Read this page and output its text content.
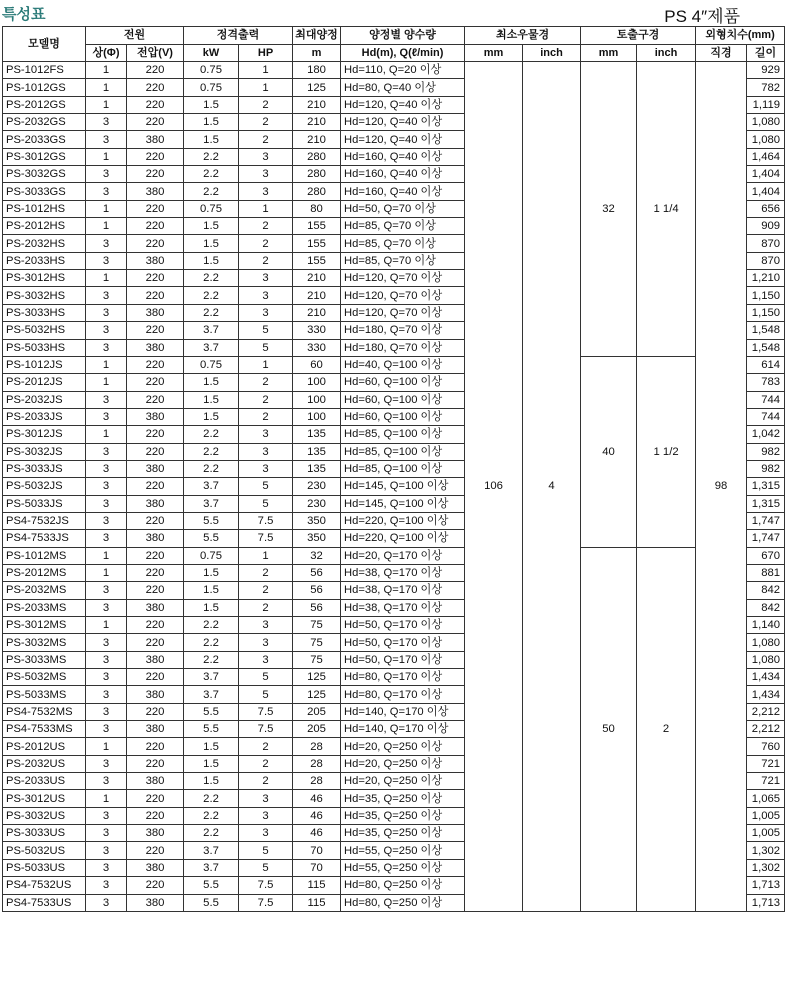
특성표	PS 4″제품
모델명	전원		정격출력		최대양정	양정별 양수량	최소우물경		토출구경		외형치수(mm)	
	상(Φ)	전압(V)	kW	HP	m	Hd(m), Q(ℓ/min)	mm	inch	mm	inch	직경	길이
PS-1012FS	1	220	0.75	1	180	Hd=110, Q=20 이상	106	4	32	1 1/4	98	929
PS-1012GS	1	220	0.75	1	125	Hd=80, Q=40 이상						782
PS-2012GS	1	220	1.5	2	210	Hd=120, Q=40 이상						1,119
PS-2032GS	3	220	1.5	2	210	Hd=120, Q=40 이상						1,080
PS-2033GS	3	380	1.5	2	210	Hd=120, Q=40 이상						1,080
PS-3012GS	1	220	2.2	3	280	Hd=160, Q=40 이상						1,464
PS-3032GS	3	220	2.2	3	280	Hd=160, Q=40 이상						1,404
PS-3033GS	3	380	2.2	3	280	Hd=160, Q=40 이상						1,404
PS-1012HS	1	220	0.75	1	80	Hd=50, Q=70 이상						656
PS-2012HS	1	220	1.5	2	155	Hd=85, Q=70 이상						909
PS-2032HS	3	220	1.5	2	155	Hd=85, Q=70 이상						870
PS-2033HS	3	380	1.5	2	155	Hd=85, Q=70 이상						870
PS-3012HS	1	220	2.2	3	210	Hd=120, Q=70 이상						1,210
PS-3032HS	3	220	2.2	3	210	Hd=120, Q=70 이상						1,150
PS-3033HS	3	380	2.2	3	210	Hd=120, Q=70 이상						1,150
PS-5032HS	3	220	3.7	5	330	Hd=180, Q=70 이상						1,548
PS-5033HS	3	380	3.7	5	330	Hd=180, Q=70 이상						1,548
PS-1012JS	1	220	0.75	1	60	Hd=40, Q=100 이상			40	1 1/2		614
PS-2012JS	1	220	1.5	2	100	Hd=60, Q=100 이상						783
PS-2032JS	3	220	1.5	2	100	Hd=60, Q=100 이상						744
PS-2033JS	3	380	1.5	2	100	Hd=60, Q=100 이상						744
PS-3012JS	1	220	2.2	3	135	Hd=85, Q=100 이상						1,042
PS-3032JS	3	220	2.2	3	135	Hd=85, Q=100 이상						982
PS-3033JS	3	380	2.2	3	135	Hd=85, Q=100 이상						982
PS-5032JS	3	220	3.7	5	230	Hd=145, Q=100 이상						1,315
PS-5033JS	3	380	3.7	5	230	Hd=145, Q=100 이상						1,315
PS4-7532JS	3	220	5.5	7.5	350	Hd=220, Q=100 이상						1,747
PS4-7533JS	3	380	5.5	7.5	350	Hd=220, Q=100 이상						1,747
PS-1012MS	1	220	0.75	1	32	Hd=20, Q=170 이상			50	2		670
PS-2012MS	1	220	1.5	2	56	Hd=38, Q=170 이상						881
PS-2032MS	3	220	1.5	2	56	Hd=38, Q=170 이상						842
PS-2033MS	3	380	1.5	2	56	Hd=38, Q=170 이상						842
PS-3012MS	1	220	2.2	3	75	Hd=50, Q=170 이상						1,140
PS-3032MS	3	220	2.2	3	75	Hd=50, Q=170 이상						1,080
PS-3033MS	3	380	2.2	3	75	Hd=50, Q=170 이상						1,080
PS-5032MS	3	220	3.7	5	125	Hd=80, Q=170 이상						1,434
PS-5033MS	3	380	3.7	5	125	Hd=80, Q=170 이상						1,434
PS4-7532MS	3	220	5.5	7.5	205	Hd=140, Q=170 이상						2,212
PS4-7533MS	3	380	5.5	7.5	205	Hd=140, Q=170 이상						2,212
PS-2012US	1	220	1.5	2	28	Hd=20, Q=250 이상						760
PS-2032US	3	220	1.5	2	28	Hd=20, Q=250 이상						721
PS-2033US	3	380	1.5	2	28	Hd=20, Q=250 이상						721
PS-3012US	1	220	2.2	3	46	Hd=35, Q=250 이상						1,065
PS-3032US	3	220	2.2	3	46	Hd=35, Q=250 이상						1,005
PS-3033US	3	380	2.2	3	46	Hd=35, Q=250 이상						1,005
PS-5032US	3	220	3.7	5	70	Hd=55, Q=250 이상						1,302
PS-5033US	3	380	3.7	5	70	Hd=55, Q=250 이상						1,302
PS4-7532US	3	220	5.5	7.5	115	Hd=80, Q=250 이상						1,713
PS4-7533US	3	380	5.5	7.5	115	Hd=80, Q=250 이상						1,713
